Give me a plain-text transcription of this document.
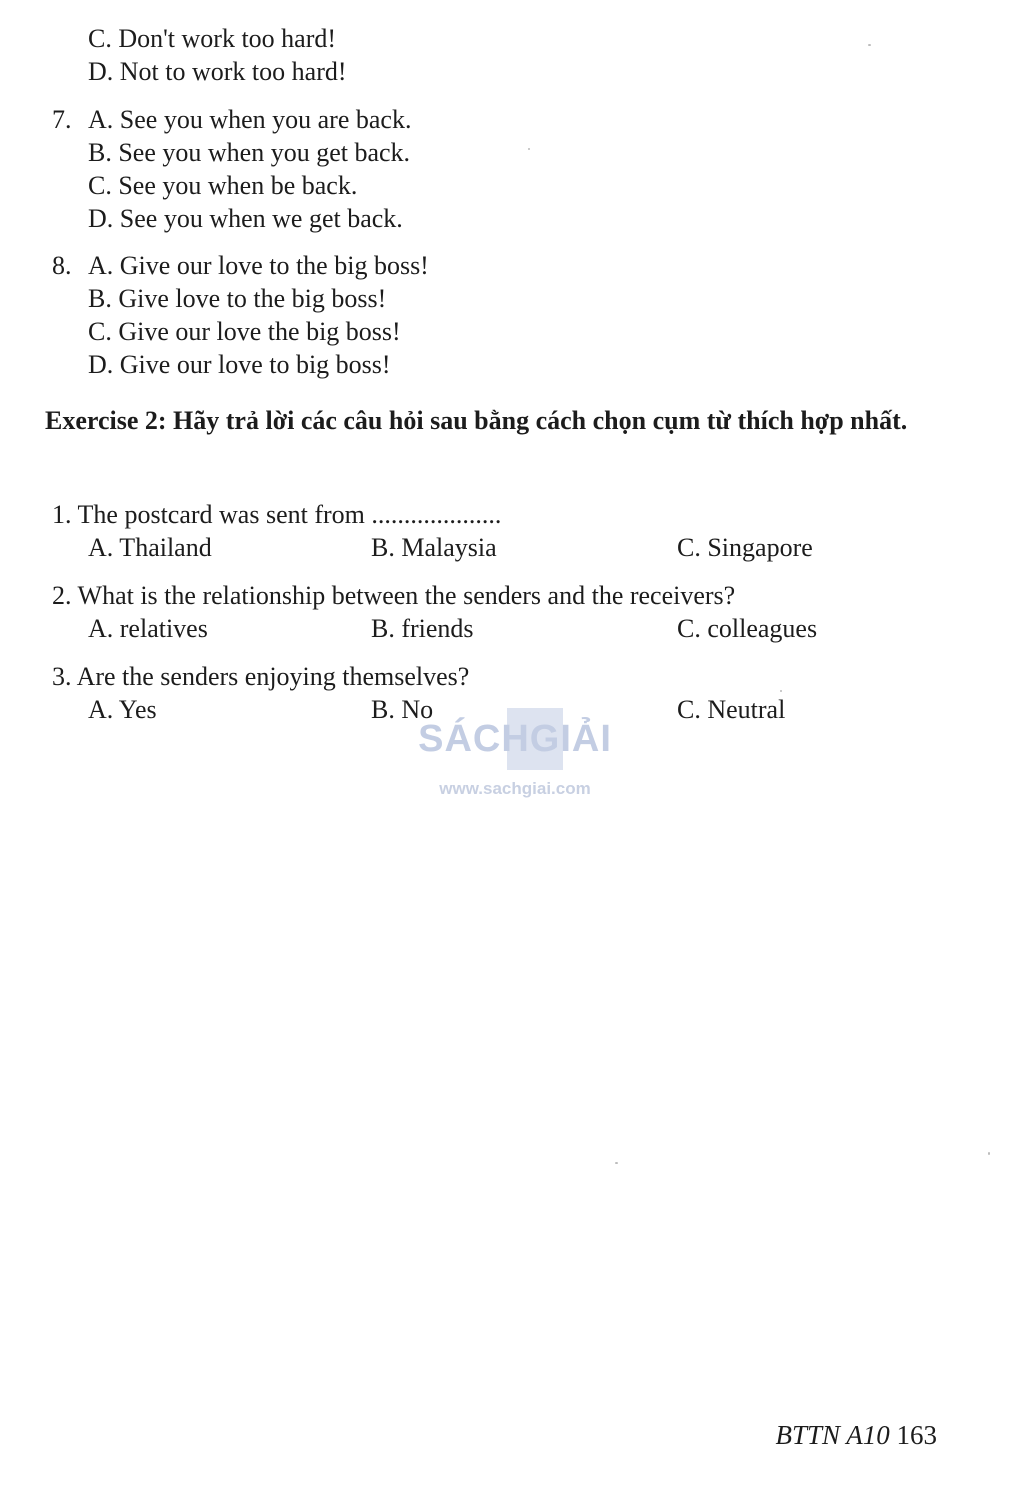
C. Don't work too hard!
D. Not to work too hard!
7. A. See you when you are back.
B. See you when you get back.
C. See you when be back.
D. See you when we get back.
8. A. Give our love to the big boss!
B. Give love to the big boss!
C. Give our love the big boss!
D. Give our love to big boss!
Exercise 2: Hãy trả lời các câu hỏi sau bằng cách chọn cụm từ thích hợp nhất.
1. The postcard was sent from ....................
A. Thailand	B. Malaysia	C. Singapore
2. What is the relationship between the senders and the receivers?
A. relatives	B. friends	C. colleagues
3. Are the senders enjoying themselves?
A. Yes	B. No	C. Neutral
SÁCHGIẢI
www.sachgiai.com
BTTN A10 163
